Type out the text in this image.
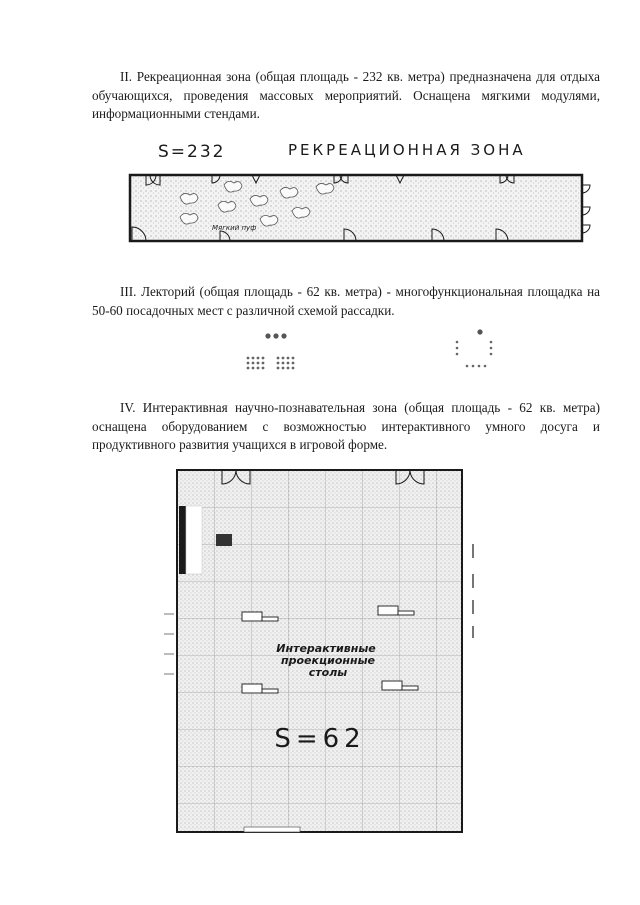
II. Рекреационная зона (общая площадь - 232 кв. метра) предназначена для отдыха обучающихся, проведения массовых мероприятий. Оснащена мягкими модулями, информационными стендами.
S=232	РЕКРЕАЦИОННАЯ ЗОНА
Мягкий пуф
III. Лекторий (общая площадь - 62 кв. метра) - многофункциональная площадка на 50-60 посадочных мест с различной схемой рассадки.
IV. Интерактивная научно-познавательная зона (общая площадь - 62 кв. метра) оснащена оборудованием с возможностью интерактивного умного досуга и продуктивного развития учащихся в игровой форме.
Интерактивные
проекционные
столы
S=62
